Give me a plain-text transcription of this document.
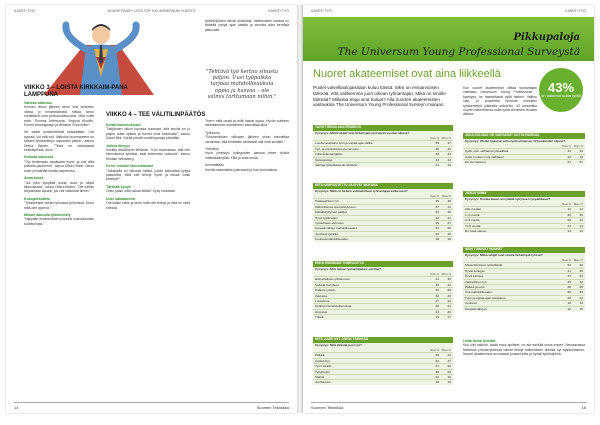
ILMIÖT/ TYÖ	NOUSE PÄÄSY LISTA TOP 100 UNIVERSUM-YLEISTÖ	ILMIÖT/ TYÖ
VIIKKO 3 – LOISTA KIRKKAIM-PANA LAMPPUNA
Valoisa vaikutus

Kolmen viikon jälkeen sinun olisi kuitenkin oltava jo ensimmäisellä mittaa sinun merkittävä oma persoonallisuutesi. Mitä voisit esim. Thomas Jeffersonin, Virginia Woolfin, Ernest Hemingwayn ja Winston Churchillin?

He kaikki työskentelivät seisaaltaan. Ura syyssä. Voi että voit. Vaikutus huomaamme on seisten työskentelyn nopeuden päiviä – sanoo Debra Baxter, "Tiheä ne vahvistavat keskittymistä, aivot..."

Huiluna saisussa

"Opi tuntemaan asiakkaita hyvin, ja voit niitä palvella paremmin", sanoo Eileen Wein. Sinun tulee ymmärtää heidän tarpeensa.

Anna tukea

"Jos joku kysyttää sinua, auta ja näytä kiinnostusta", sanoo Debra Baxter. "Ole valmis tarjoamaan apuasi, jos voit vaikuttaa tiimiin."

Kokopiirkuttelu

"Työskentele vähän ryhmissä ja tiimissä. Kerro mitä olet oppinut."

Milloin aamulla työskentely

"Nykyään ensimmäiset työtunnit ovat aamuisin tuottavimpia."

VIIKKO 4 – TEE VÄLITILINPÄÄTÖS
Kerää kokemuksiasi

"Neljännen viikon lopussa huomaat, että sinulla on jo paljon uutta opittua ja tunnet olosi kotoisaksi", sanoo David Birk. Kerää pieniä muistiinpanoja päivittäin.

Julkea ilkeyys

Keskity tärkeimpiin tehtäviin. "Kun huomataan, että olet kiinnostunut työstäsi, saat enemmän vastuuta", sanoo Kristian Wessberg.

Kerro minulle kiinnostavasi

"Jokaisella on viikossa hetkiä, jolloin kannattaa kysyä palautetta. Mitä olet tehnyt hyvin ja missä voisit kehittyä?"

Tärkeää kysyä

Onko jotain mitä haluat tietää? Kysy rohkeasti.

Uusi näköalueesi

Ota kaikki esille ja kerro mitä olet tehnyt ja mitä on vielä edessä.

työntekijöiden selvisi otsikoista. Vaatimusten kanssa on tärkeää pysyä ajan tasalla ja seurata alan trendejä jatkuvasti.
"Tehtävä työ kertoo sinusta paljon. Uusi työpaikka tarjoaa mahdollisuuksia oppia ja kasvaa – ole valmis tarttumaan niihin."

"Kerro mitä osaat ja mitä haluat oppia. Hyvän suhteen rakentaminen esimieheen kannattaa aina."

Työnkuva

"Ensimmäisten viikkojen jälkeen sinun kannattaa varmistaa, että tehtäväsi vastaavat sitä mitä sovittiin."

Yhteistyö

Hyvä yhteistyö kollegoiden kanssa tekee työstä mielekkäämpää. Kiitä ja auta muita.

Ammattitaito

Kehitä osaamistasi jatkuvasti ja hae koulutuksia.

14	Suomen Tekniikka
ILMIÖT/ TYÖ	ILMIÖT/ TYÖ
Pikkupaloja
The Universum Young Professional Surveystä
Nuoret akateemiset ovat aina liikkeellä
Puolet valvelliaolojaisitaan kuluu töissä. Siksi on ensiarvioisen tärkeää, että valitsemme juuri oikean työnantajan. Mikä on sinulle tärkeää? Millaisia etuja sinä haluat? Alla nuorten akateemisten vastauksia The Universum Young Professional Surveyn mukaan.
43%
on hakenut uutta työtä
Kun nuoret akateemiset viittaa työnantajan valintaan Universum Young Professional -kyselyyn, he haasteltavat kyllä hetken. Valtion vain 14 prosenttia nuorista mieluiten työskentelyä julkisella sektorilla. 43 prosenttia nuoren hakeneensa uutta työtä viimeisen vuoden aikana.
TAVOITTEENA AKATEEMIKOS
Kysymys: Mitkä tekijät ovat tärkeimpiä seuraavan vuoden aikana?
Nais %	Mies %
Luoda tasapaino työn ja vapaa-ajan välille	56	47
Työ- ja ura-asioissa eteneminen	38	42
Tulla asiantuntijaksi	30	34
Verkostoitua	24	22
Vaihtaa työpaikkaa tai tehtäviä	21	19
MITÄ KERROSTETTU JA EIVÄT MUKANA
Kysymys: Mikä on tärkein valintakriteeri työnantajaa valitessasi?
Nais %	Mies %
Haasteellinen työ	45	48
Mahdollisuus ura-kehitykseen	37	41
Kilpailukykyinen palkka	33	40
Hyvä työilmapiiri	42	31
Työsuhteen varmuus	29	27
Kansainväliset mahdollisuudet	22	25
Joustava työaika	20	18
Koulutusmahdollisuudet	18	16
EHKÄ ENEMMÄN TOIMIVUUTTA
Kysymys: Mitä haluat työnantajaltasi odottaa?
Nais %	Mies %
Esimerkillinen johtaminen	41	36
Selkeät tavoitteet	35	34
Palaute työstä	32	28
Vastuuta	30	33
Luottamus	27	24
Kehittymismahdollisuuksia	25	21
Arvostus	23	20
Tukea	19	17
MITÄ JUURI NYT ONKIN TÄRKEÄÄ
Kysymys: Mitä tärkeää juuri nyt?
Nais %	Mies %
Palkka	38	44
Urakehitys	34	37
Työn sisältö	31	29
Työyhteisö	28	23
Sijainti	22	19
Joustavuus	18	15
JOKA KOLMAS ON VAIHTANUT UUTTA PAIKKAA
Kysymys: Oletko hakenut uutta työtä viimeisen 12 kuukauden aikana?
Nais %	Mies %
Kyllä, olen vaihtanut työpaikkaa	31	33
Kyllä, mutta en ole vaihtanut	12	10
En ole hakenut	57	57
JÄÄDÄ KIINNI
Kysymys: Kuinka kauan aiot jäädä nykyiseen työpaikkaasi?
Nais %	Mies %
Alle vuoden	14	12
1–2 vuotta	32	30
3–5 vuotta	28	31
Yli 5 vuotta	12	14
En osaa sanoa	14	13
NÄIN TOIMIVAT NUORET
Kysymys: Mitkä tekijät ovat sinulle tärkeimpiä työssä?
Nais %	Mies %
Mielenkiintoiset työtehtävät	54	49
Hyvät kollegat	41	35
Hyvä esimies	37	33
Vastuullinen työ	30	32
Palkka ja edut	28	36
Ura-mahdollisuudet	26	30
Työn ja vapaa-ajan tasapaino	25	22
Koulutus	16	14
Kansainvälisyys	12	15
Lisää tietoa työstäsi
Kun olet tutkinut, lisätä muut ajoitteet, ne ala merkitä sinua ennen. Seuraavassa tärkeissä ymmärryksessä haluat tietoja tutkimuksen ollessa nyt ajankohtainen. Nuoret akateemiset arvostavat joustavuutta ja hyvää työilmapiiriä.
Suomen Tekniikka	15
